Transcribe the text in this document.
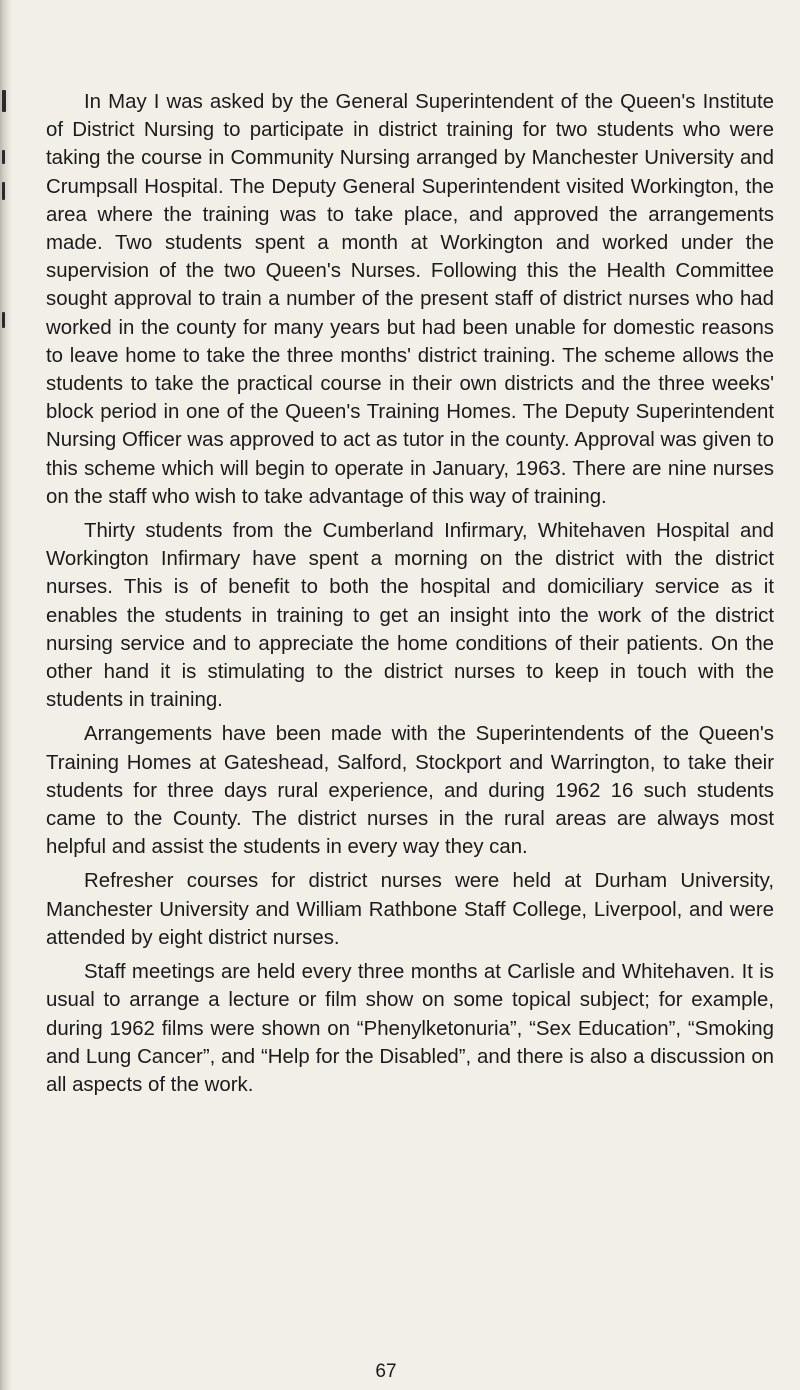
In May I was asked by the General Superintendent of the Queen's Institute of District Nursing to participate in district training for two students who were taking the course in Community Nursing arranged by Manchester University and Crumpsall Hospital. The Deputy General Superintendent visited Workington, the area where the training was to take place, and approved the arrangements made. Two students spent a month at Workington and worked under the supervision of the two Queen's Nurses. Following this the Health Committee sought approval to train a number of the present staff of district nurses who had worked in the county for many years but had been unable for domestic reasons to leave home to take the three months' district training. The scheme allows the students to take the practical course in their own districts and the three weeks' block period in one of the Queen's Training Homes. The Deputy Superintendent Nursing Officer was approved to act as tutor in the county. Approval was given to this scheme which will begin to operate in January, 1963. There are nine nurses on the staff who wish to take advantage of this way of training.

Thirty students from the Cumberland Infirmary, Whitehaven Hospital and Workington Infirmary have spent a morning on the district with the district nurses. This is of benefit to both the hospital and domiciliary service as it enables the students in training to get an insight into the work of the district nursing service and to appreciate the home conditions of their patients. On the other hand it is stimulating to the district nurses to keep in touch with the students in training.

Arrangements have been made with the Superintendents of the Queen's Training Homes at Gateshead, Salford, Stockport and Warrington, to take their students for three days rural experience, and during 1962 16 such students came to the County. The district nurses in the rural areas are always most helpful and assist the students in every way they can.

Refresher courses for district nurses were held at Durham University, Manchester University and William Rathbone Staff College, Liverpool, and were attended by eight district nurses.

Staff meetings are held every three months at Carlisle and Whitehaven. It is usual to arrange a lecture or film show on some topical subject; for example, during 1962 films were shown on “Phenylketonuria”, “Sex Education”, “Smoking and Lung Cancer”, and “Help for the Disabled”, and there is also a discussion on all aspects of the work.

67
